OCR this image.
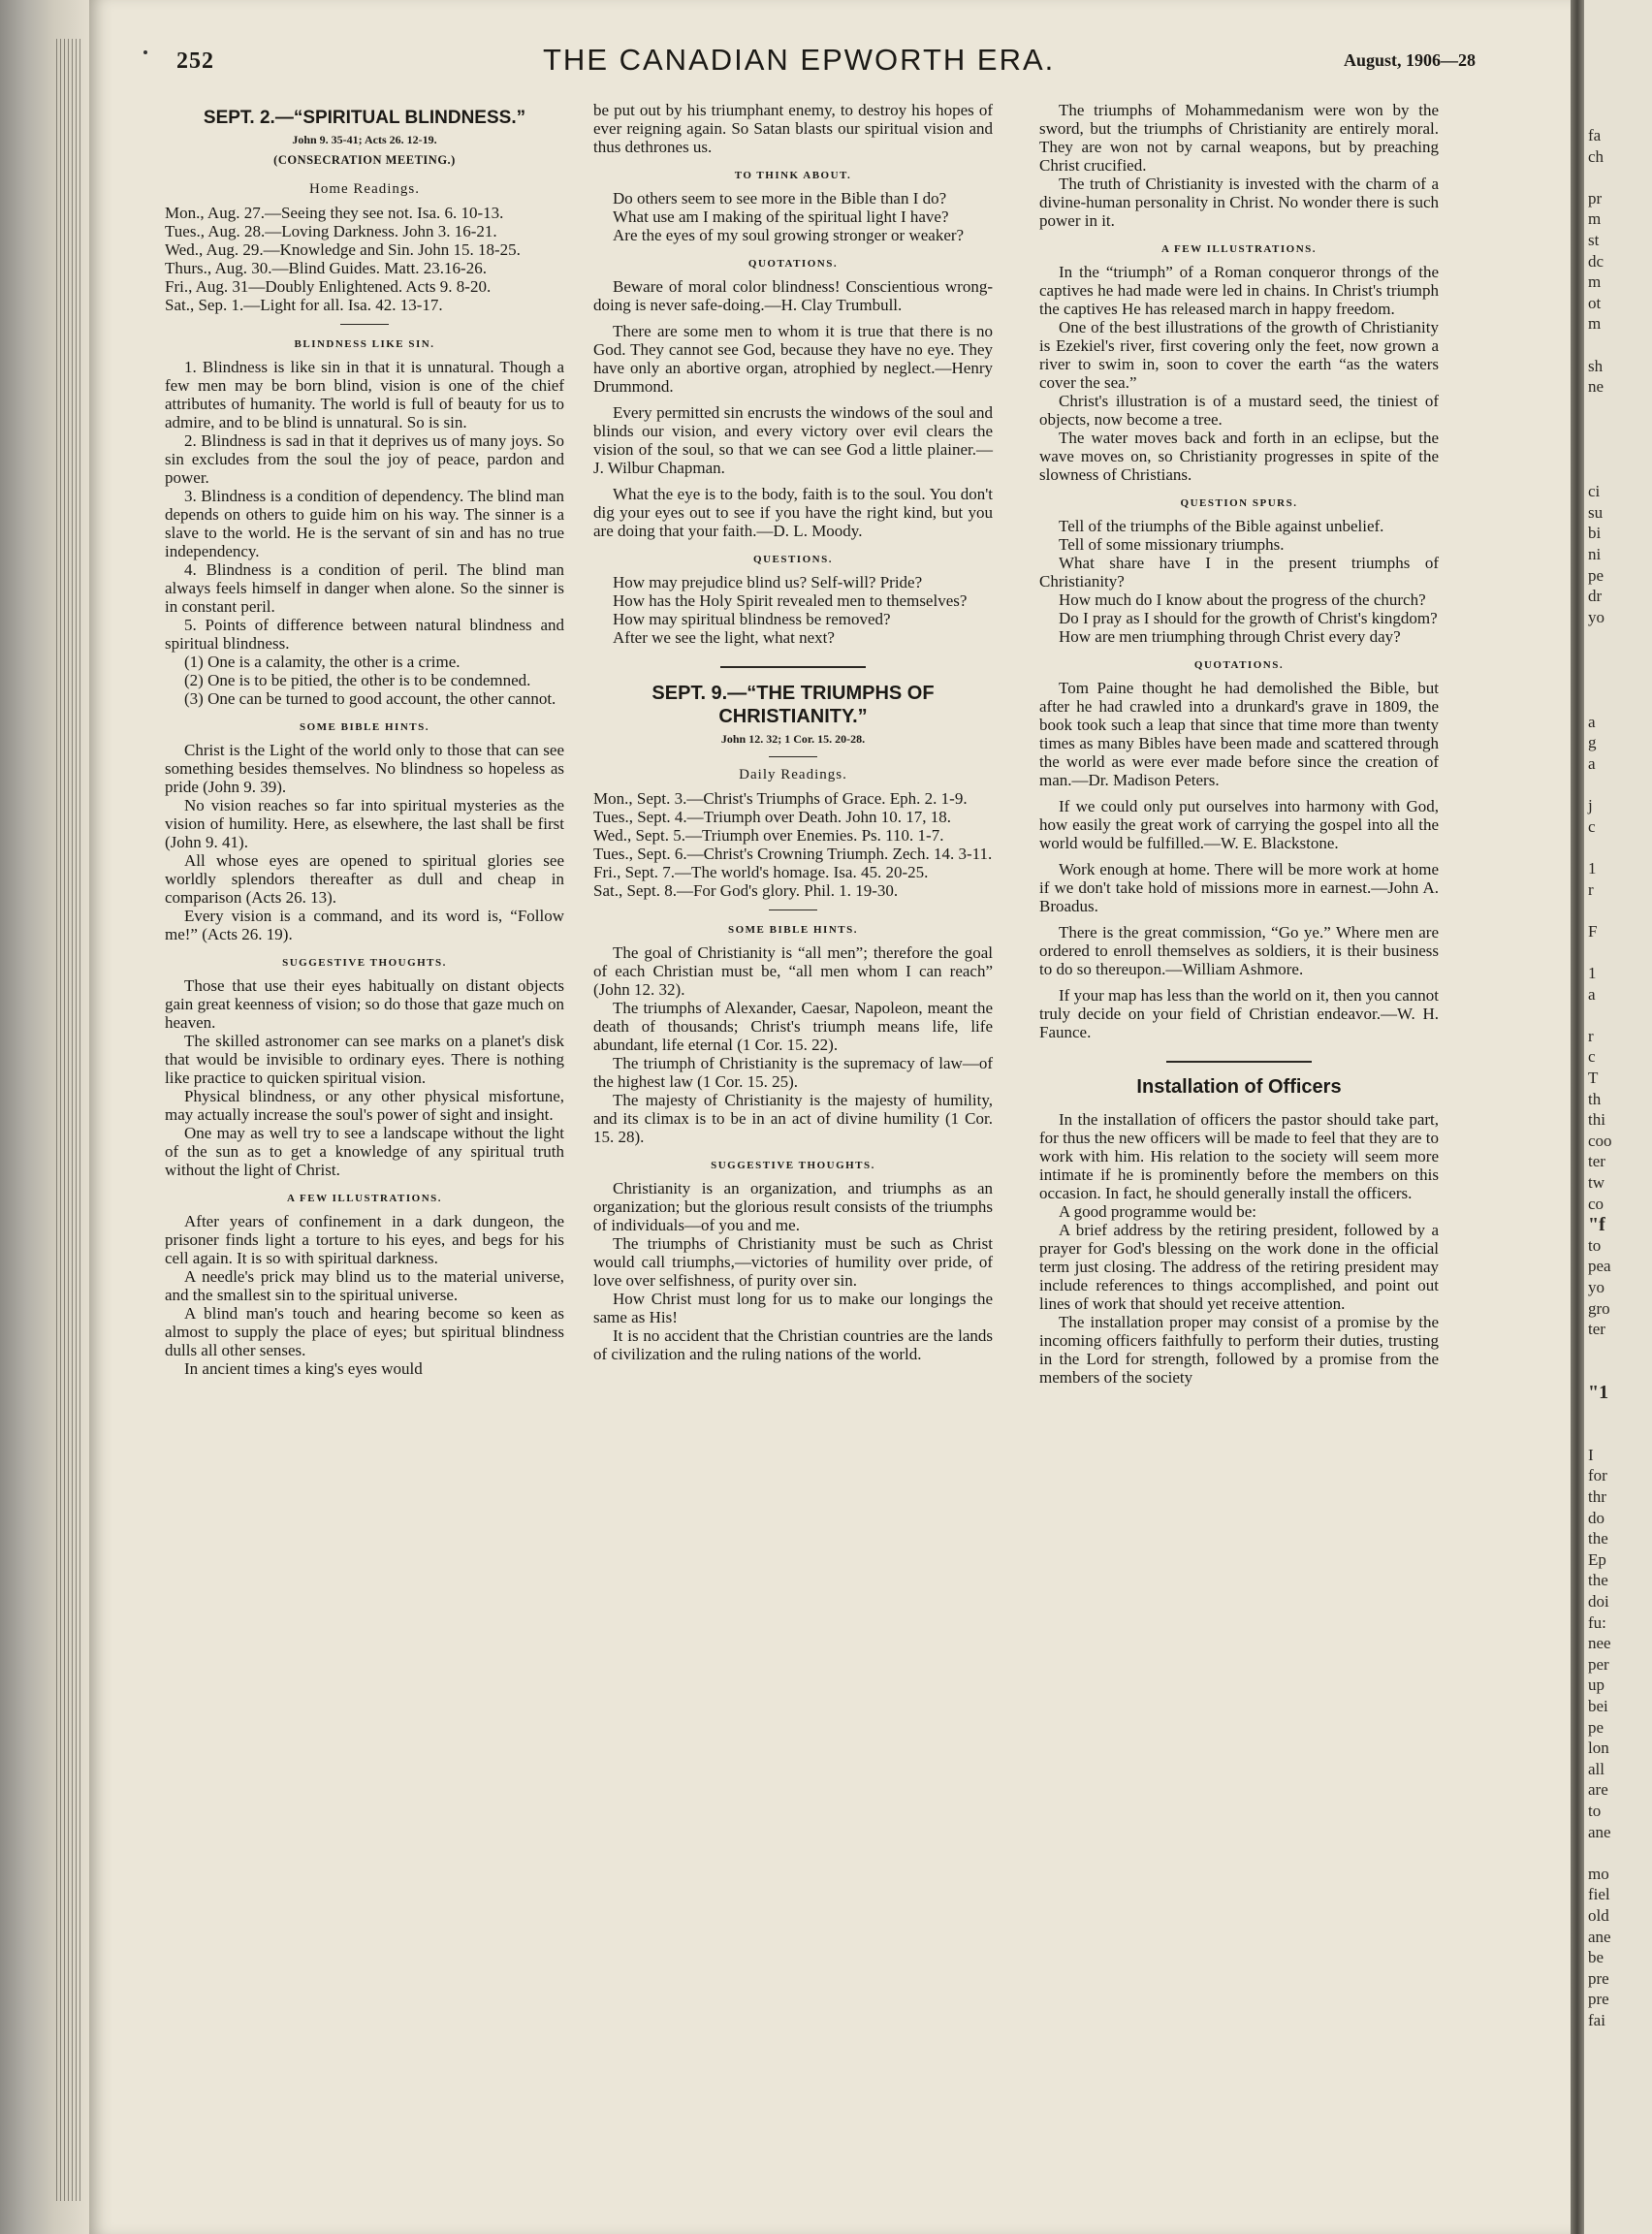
fa
ch
pr
m
st
dc
m
ot
m
sh
ne
ci
su
bi
ni
pe
dr
yo
a
g
a
j
c
1
r
F
1
a
r
c
T
th
thi
coo
ter
tw
co
"f
to
pea
yo
gro
ter
"1
I
for
thr
do
the
Ep
the
doi
fu:
nee
per
up
bei
pe
lon
all
are
to
ane
mo
fiel
old
ane
be
pre
pre
fai
252	THE CANADIAN EPWORTH ERA.	August, 1906—28
SEPT. 2.—“SPIRITUAL BLINDNESS.”
John 9. 35-41; Acts 26. 12-19.
(CONSECRATION MEETING.)
Home Readings.
Mon., Aug. 27.—Seeing they see not. Isa. 6. 10-13.
Tues., Aug. 28.—Loving Darkness. John 3. 16-21.
Wed., Aug. 29.—Knowledge and Sin. John 15. 18-25.
Thurs., Aug. 30.—Blind Guides. Matt. 23.16-26.
Fri., Aug. 31—Doubly Enlightened. Acts 9. 8-20.
Sat., Sep. 1.—Light for all. Isa. 42. 13-17.
BLINDNESS LIKE SIN.

1. Blindness is like sin in that it is unnatural. Though a few men may be born blind, vision is one of the chief attributes of humanity. The world is full of beauty for us to admire, and to be blind is unnatural. So is sin.

2. Blindness is sad in that it deprives us of many joys. So sin excludes from the soul the joy of peace, pardon and power.

3. Blindness is a condition of dependency. The blind man depends on others to guide him on his way. The sinner is a slave to the world. He is the servant of sin and has no true independency.

4. Blindness is a condition of peril. The blind man always feels himself in danger when alone. So the sinner is in constant peril.

5. Points of difference between natural blindness and spiritual blindness.

(1) One is a calamity, the other is a crime.

(2) One is to be pitied, the other is to be condemned.

(3) One can be turned to good account, the other cannot.

SOME BIBLE HINTS.

Christ is the Light of the world only to those that can see something besides themselves. No blindness so hopeless as pride (John 9. 39).

No vision reaches so far into spiritual mysteries as the vision of humility. Here, as elsewhere, the last shall be first (John 9. 41).

All whose eyes are opened to spiritual glories see worldly splendors thereafter as dull and cheap in comparison (Acts 26. 13).

Every vision is a command, and its word is, “Follow me!” (Acts 26. 19).

SUGGESTIVE THOUGHTS.

Those that use their eyes habitually on distant objects gain great keenness of vision; so do those that gaze much on heaven.

The skilled astronomer can see marks on a planet's disk that would be invisible to ordinary eyes. There is nothing like practice to quicken spiritual vision.

Physical blindness, or any other physical misfortune, may actually increase the soul's power of sight and insight.

One may as well try to see a landscape without the light of the sun as to get a knowledge of any spiritual truth without the light of Christ.

A FEW ILLUSTRATIONS.

After years of confinement in a dark dungeon, the prisoner finds light a torture to his eyes, and begs for his cell again. It is so with spiritual darkness.

A needle's prick may blind us to the material universe, and the smallest sin to the spiritual universe.

A blind man's touch and hearing become so keen as almost to supply the place of eyes; but spiritual blindness dulls all other senses.

In ancient times a king's eyes would

be put out by his triumphant enemy, to destroy his hopes of ever reigning again. So Satan blasts our spiritual vision and thus dethrones us.

TO THINK ABOUT.

Do others seem to see more in the Bible than I do?

What use am I making of the spiritual light I have?

Are the eyes of my soul growing stronger or weaker?

QUOTATIONS.

Beware of moral color blindness! Conscientious wrong-doing is never safe-doing.—H. Clay Trumbull.

There are some men to whom it is true that there is no God. They cannot see God, because they have no eye. They have only an abortive organ, atrophied by neglect.—Henry Drummond.

Every permitted sin encrusts the windows of the soul and blinds our vision, and every victory over evil clears the vision of the soul, so that we can see God a little plainer.—J. Wilbur Chapman.

What the eye is to the body, faith is to the soul. You don't dig your eyes out to see if you have the right kind, but you are doing that your faith.—D. L. Moody.

QUESTIONS.

How may prejudice blind us? Self-will? Pride?

How has the Holy Spirit revealed men to themselves?

How may spiritual blindness be removed?

After we see the light, what next?

SEPT. 9.—“THE TRIUMPHS OF CHRISTIANITY.”
John 12. 32; 1 Cor. 15. 20-28.
Daily Readings.
Mon., Sept. 3.—Christ's Triumphs of Grace. Eph. 2. 1-9.
Tues., Sept. 4.—Triumph over Death. John 10. 17, 18.
Wed., Sept. 5.—Triumph over Enemies. Ps. 110. 1-7.
Tues., Sept. 6.—Christ's Crowning Triumph. Zech. 14. 3-11.
Fri., Sept. 7.—The world's homage. Isa. 45. 20-25.
Sat., Sept. 8.—For God's glory. Phil. 1. 19-30.
SOME BIBLE HINTS.

The goal of Christianity is “all men”; therefore the goal of each Christian must be, “all men whom I can reach” (John 12. 32).

The triumphs of Alexander, Caesar, Napoleon, meant the death of thousands; Christ's triumph means life, life abundant, life eternal (1 Cor. 15. 22).

The triumph of Christianity is the supremacy of law—of the highest law (1 Cor. 15. 25).

The majesty of Christianity is the majesty of humility, and its climax is to be in an act of divine humility (1 Cor. 15. 28).

SUGGESTIVE THOUGHTS.

Christianity is an organization, and triumphs as an organization; but the glorious result consists of the triumphs of individuals—of you and me.

The triumphs of Christianity must be such as Christ would call triumphs,—victories of humility over pride, of love over selfishness, of purity over sin.

How Christ must long for us to make our longings the same as His!

It is no accident that the Christian countries are the lands of civilization and the ruling nations of the world.

The triumphs of Mohammedanism were won by the sword, but the triumphs of Christianity are entirely moral. They are won not by carnal weapons, but by preaching Christ crucified.

The truth of Christianity is invested with the charm of a divine-human personality in Christ. No wonder there is such power in it.

A FEW ILLUSTRATIONS.

In the “triumph” of a Roman conqueror throngs of the captives he had made were led in chains. In Christ's triumph the captives He has released march in happy freedom.

One of the best illustrations of the growth of Christianity is Ezekiel's river, first covering only the feet, now grown a river to swim in, soon to cover the earth “as the waters cover the sea.”

Christ's illustration is of a mustard seed, the tiniest of objects, now become a tree.

The water moves back and forth in an eclipse, but the wave moves on, so Christianity progresses in spite of the slowness of Christians.

QUESTION SPURS.

Tell of the triumphs of the Bible against unbelief.

Tell of some missionary triumphs.

What share have I in the present triumphs of Christianity?

How much do I know about the progress of the church?

Do I pray as I should for the growth of Christ's kingdom?

How are men triumphing through Christ every day?

QUOTATIONS.

Tom Paine thought he had demolished the Bible, but after he had crawled into a drunkard's grave in 1809, the book took such a leap that since that time more than twenty times as many Bibles have been made and scattered through the world as were ever made before since the creation of man.—Dr. Madison Peters.

If we could only put ourselves into harmony with God, how easily the great work of carrying the gospel into all the world would be fulfilled.—W. E. Blackstone.

Work enough at home. There will be more work at home if we don't take hold of missions more in earnest.—John A. Broadus.

There is the great commission, “Go ye.” Where men are ordered to enroll themselves as soldiers, it is their business to do so thereupon.—William Ashmore.

If your map has less than the world on it, then you cannot truly decide on your field of Christian endeavor.—W. H. Faunce.

Installation of Officers

In the installation of officers the pastor should take part, for thus the new officers will be made to feel that they are to work with him. His relation to the society will seem more intimate if he is prominently before the members on this occasion. In fact, he should generally install the officers.

A good programme would be:

A brief address by the retiring president, followed by a prayer for God's blessing on the work done in the official term just closing. The address of the retiring president may include references to things accomplished, and point out lines of work that should yet receive attention.

The installation proper may consist of a promise by the incoming officers faithfully to perform their duties, trusting in the Lord for strength, followed by a promise from the members of the society
